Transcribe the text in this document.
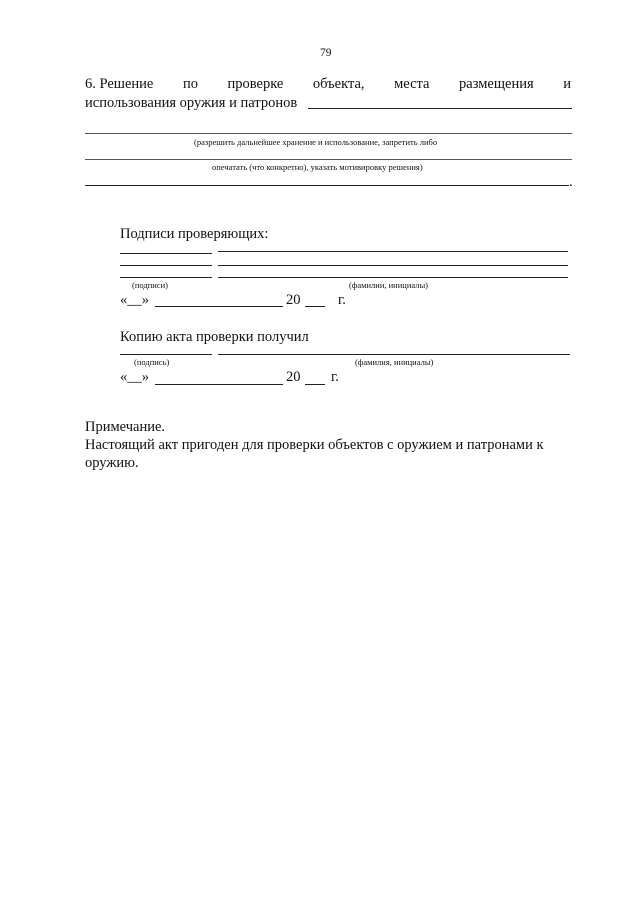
79
6. Решение по проверке объекта, места размещения и
использования оружия и патронов
(разрешить дальнейшее хранение и использование, запретить либо
опечатать (что конкретно), указать мотивировку решения)
.
Подписи проверяющих:
(подписи)	(фамилии, инициалы)
«__»	20	г.
Копию акта проверки получил
(подпись)	(фамилия, инициалы)
«__»	20 г.
Примечание.
Настоящий акт пригоден для проверки объектов с оружием и патронами к
оружию.
